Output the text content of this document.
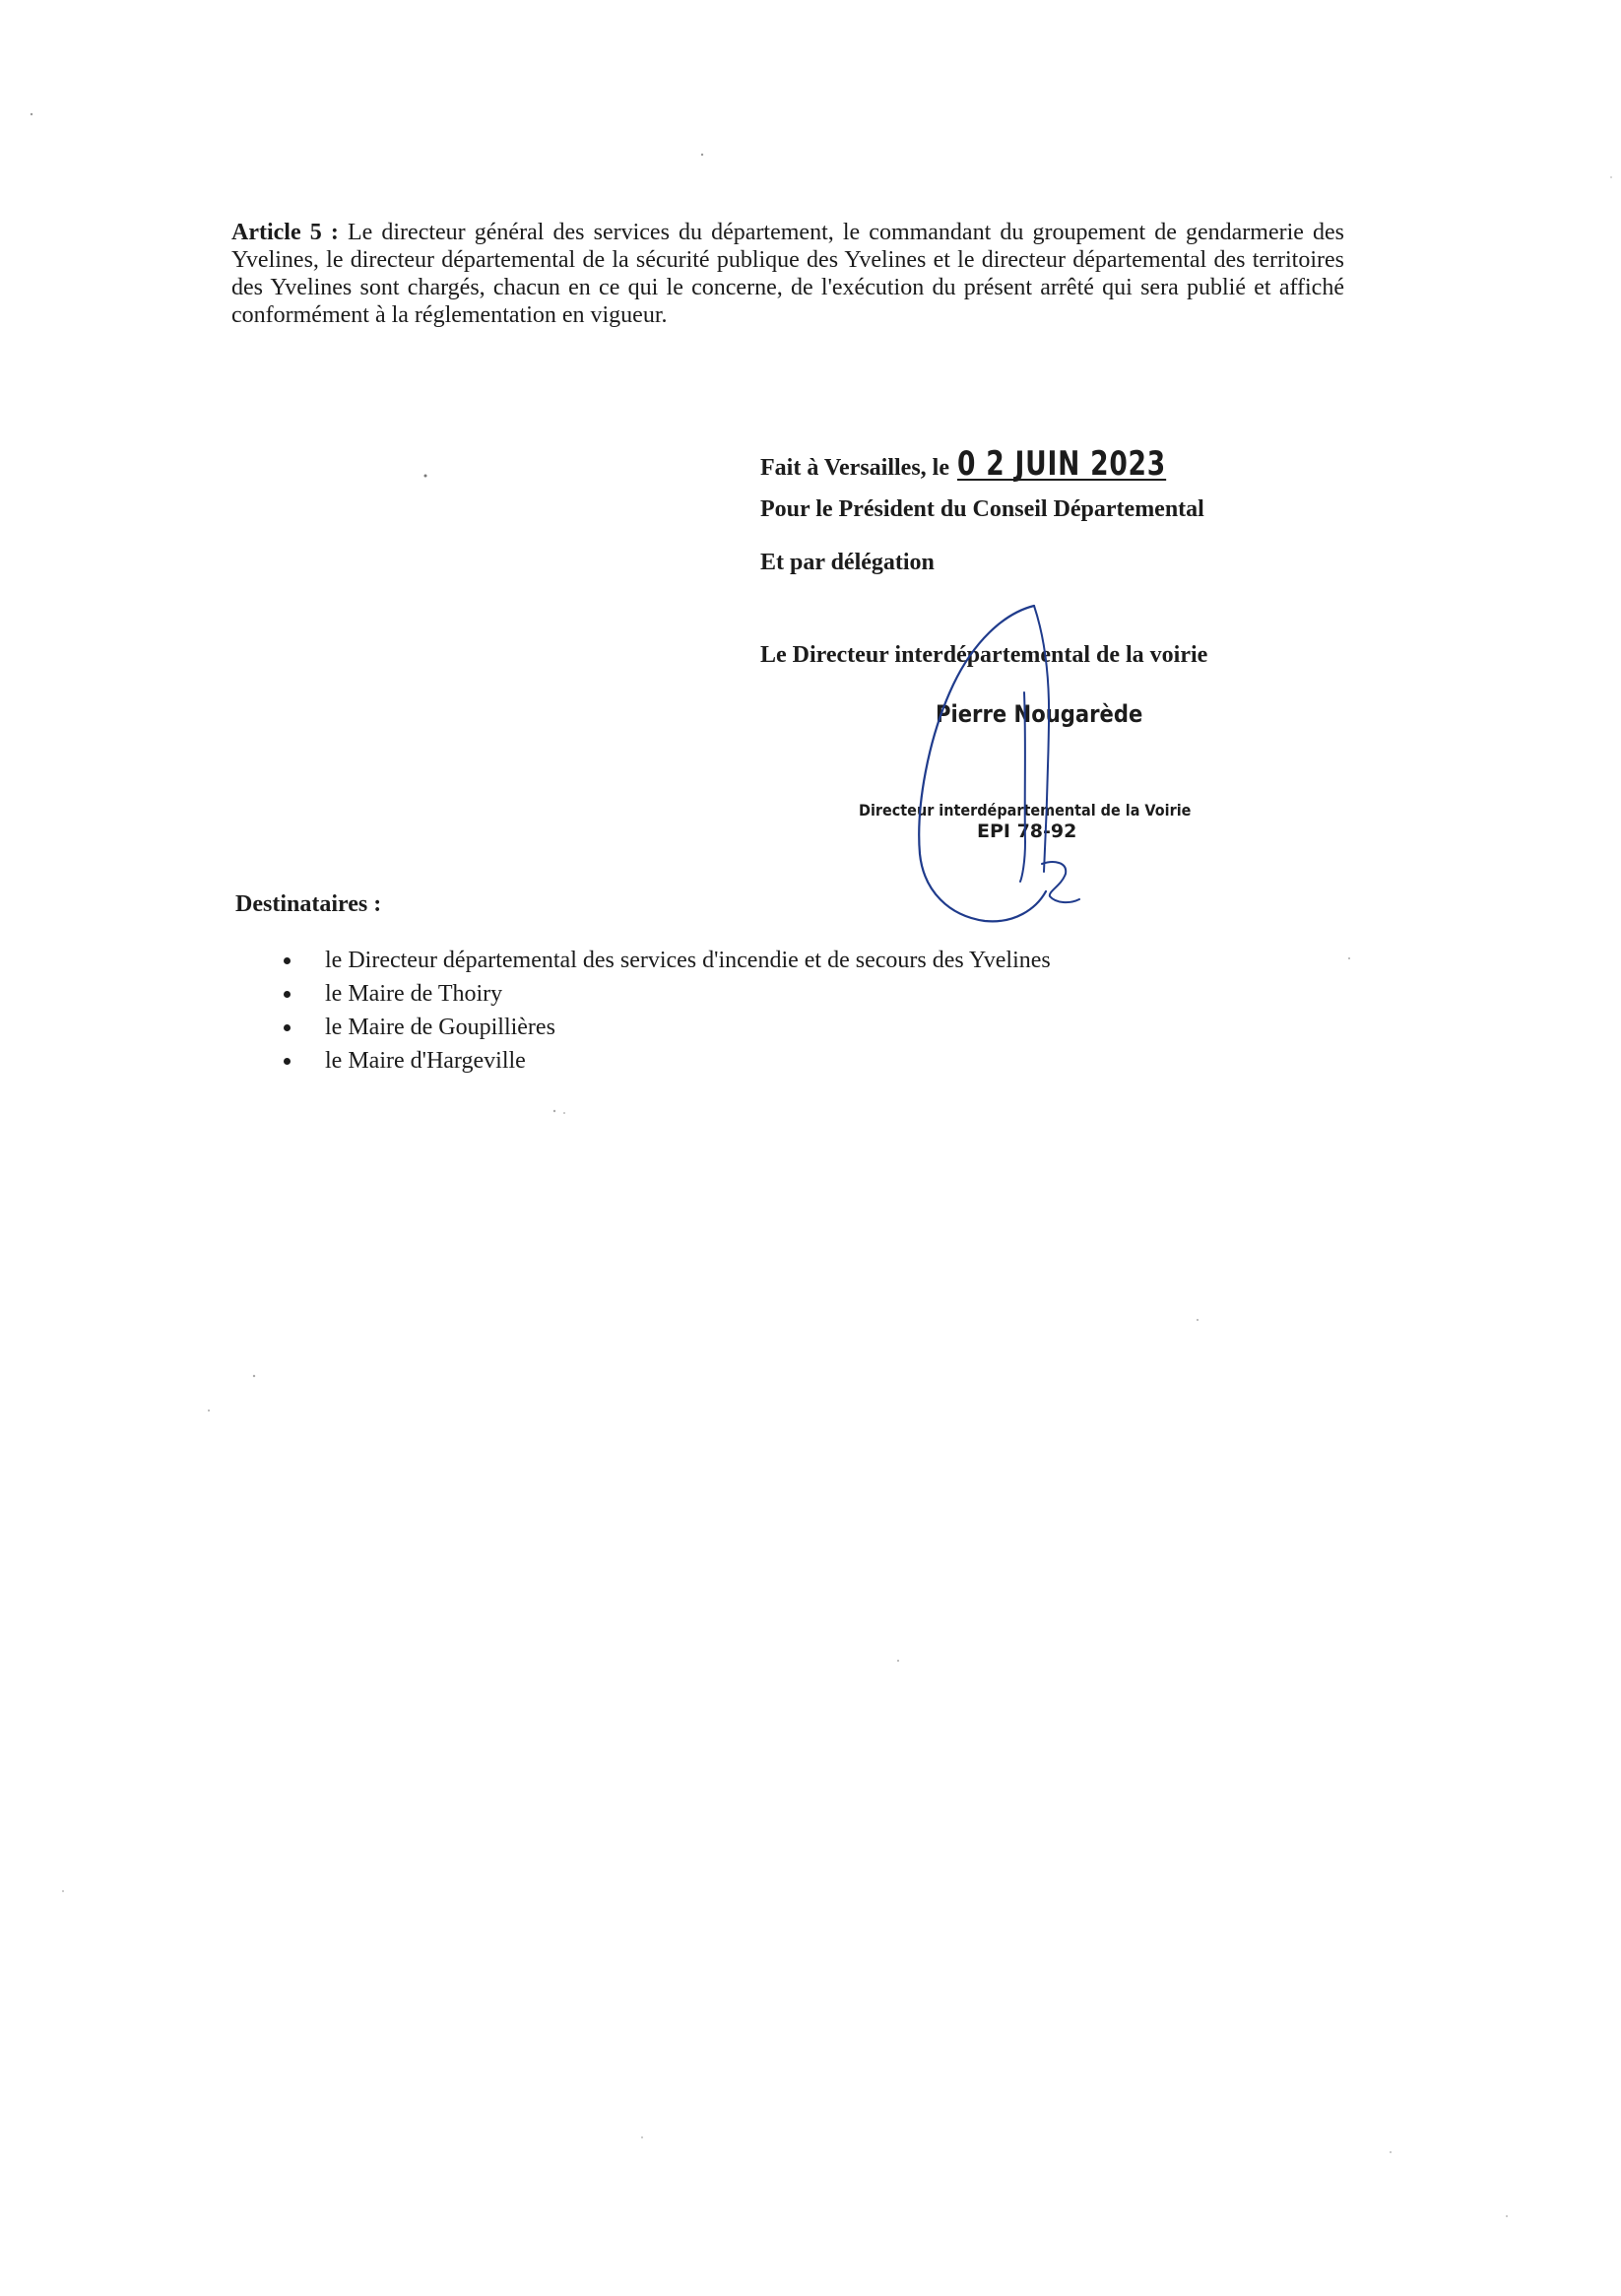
Article 5 : Le directeur général des services du département, le commandant du groupement de gendarmerie des Yvelines, le directeur départemental de la sécurité publique des Yvelines et le directeur départemental des territoires des Yvelines sont chargés, chacun en ce qui le concerne, de l'exécution du présent arrêté qui sera publié et affiché conformément à la réglementation en vigueur.

Fait à Versailles, le 0 2 JUIN 2023
Pour le Président du Conseil Départemental
Et par délégation
Le Directeur interdépartemental de la voirie
Pierre Nougarède
Directeur interdépartemental de la Voirie
EPI 78-92
Destinataires :
le Directeur départemental des services d'incendie et de secours des Yvelines
le Maire de Thoiry
le Maire de Goupillières
le Maire d'Hargeville
